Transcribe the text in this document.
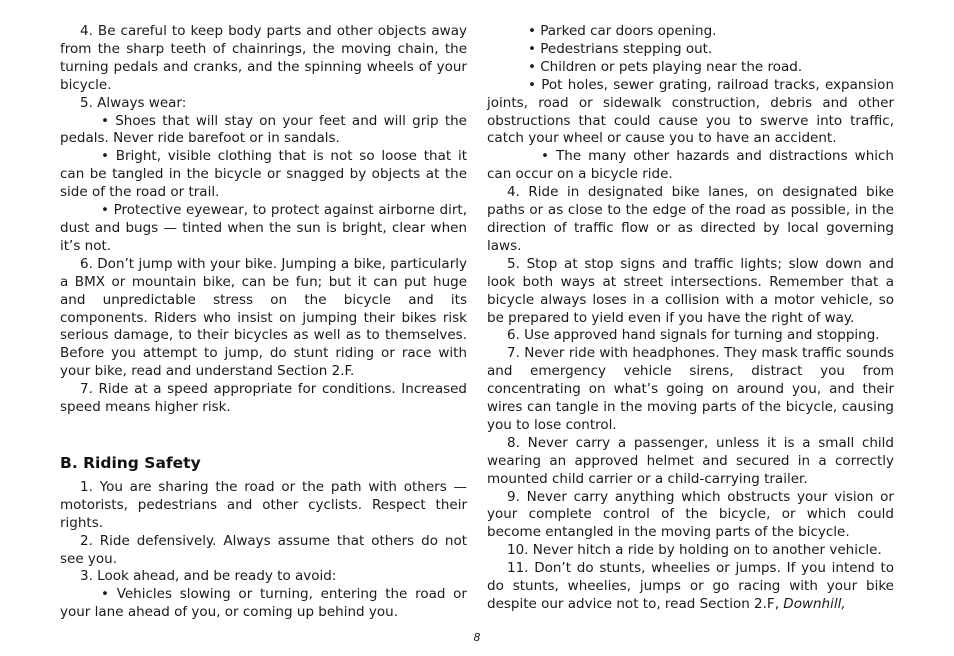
4. Be careful to keep body parts and other objects away from the sharp teeth of chainrings, the moving chain, the turning pedals and cranks, and the spinning wheels of your bicycle.

5. Always wear:

• Shoes that will stay on your feet and will grip the pedals. Never ride barefoot or in sandals.

• Bright, visible clothing that is not so loose that it can be tangled in the bicycle or snagged by objects at the side of the road or trail.

• Protective eyewear, to protect against airborne dirt, dust and bugs — tinted when the sun is bright, clear when it’s not.

6. Don’t jump with your bike. Jumping a bike, particularly a BMX or mountain bike, can be fun; but it can put huge and unpredictable stress on the bicycle and its components. Riders who insist on jumping their bikes risk serious damage, to their bicycles as well as to themselves. Before you attempt to jump, do stunt riding or race with your bike, read and understand Section 2.F.

7. Ride at a speed appropriate for conditions. Increased speed means higher risk.

B. Riding Safety

1. You are sharing the road or the path with others — motorists, pedestrians and other cyclists. Respect their rights.

2. Ride defensively. Always assume that others do not see you.

3. Look ahead, and be ready to avoid:

• Vehicles slowing or turning, entering the road or your lane ahead of you, or coming up behind you.

• Parked car doors opening.

• Pedestrians stepping out.

• Children or pets playing near the road.

• Pot holes, sewer grating, railroad tracks, expansion joints, road or sidewalk construction, debris and other obstructions that could cause you to swerve into traffic, catch your wheel or cause you to have an accident.

• The many other hazards and distractions which can occur on a bicycle ride.

4. Ride in designated bike lanes, on designated bike paths or as close to the edge of the road as possible, in the direction of traffic flow or as directed by local governing laws.

5. Stop at stop signs and traffic lights; slow down and look both ways at street intersections. Remember that a bicycle always loses in a collision with a motor vehicle, so be prepared to yield even if you have the right of way.

6. Use approved hand signals for turning and stopping.

7. Never ride with headphones. They mask traffic sounds and emergency vehicle sirens, distract you from concentrating on what’s going on around you, and their wires can tangle in the moving parts of the bicycle, causing you to lose control.

8. Never carry a passenger, unless it is a small child wearing an approved helmet and secured in a correctly mounted child carrier or a child-carrying trailer.

9. Never carry anything which obstructs your vision or your complete control of the bicycle, or which could become entangled in the moving parts of the bicycle.

10. Never hitch a ride by holding on to another vehicle.

11. Don’t do stunts, wheelies or jumps. If you intend to do stunts, wheelies, jumps or go racing with your bike despite our advice not to, read Section 2.F, Downhill,

8
